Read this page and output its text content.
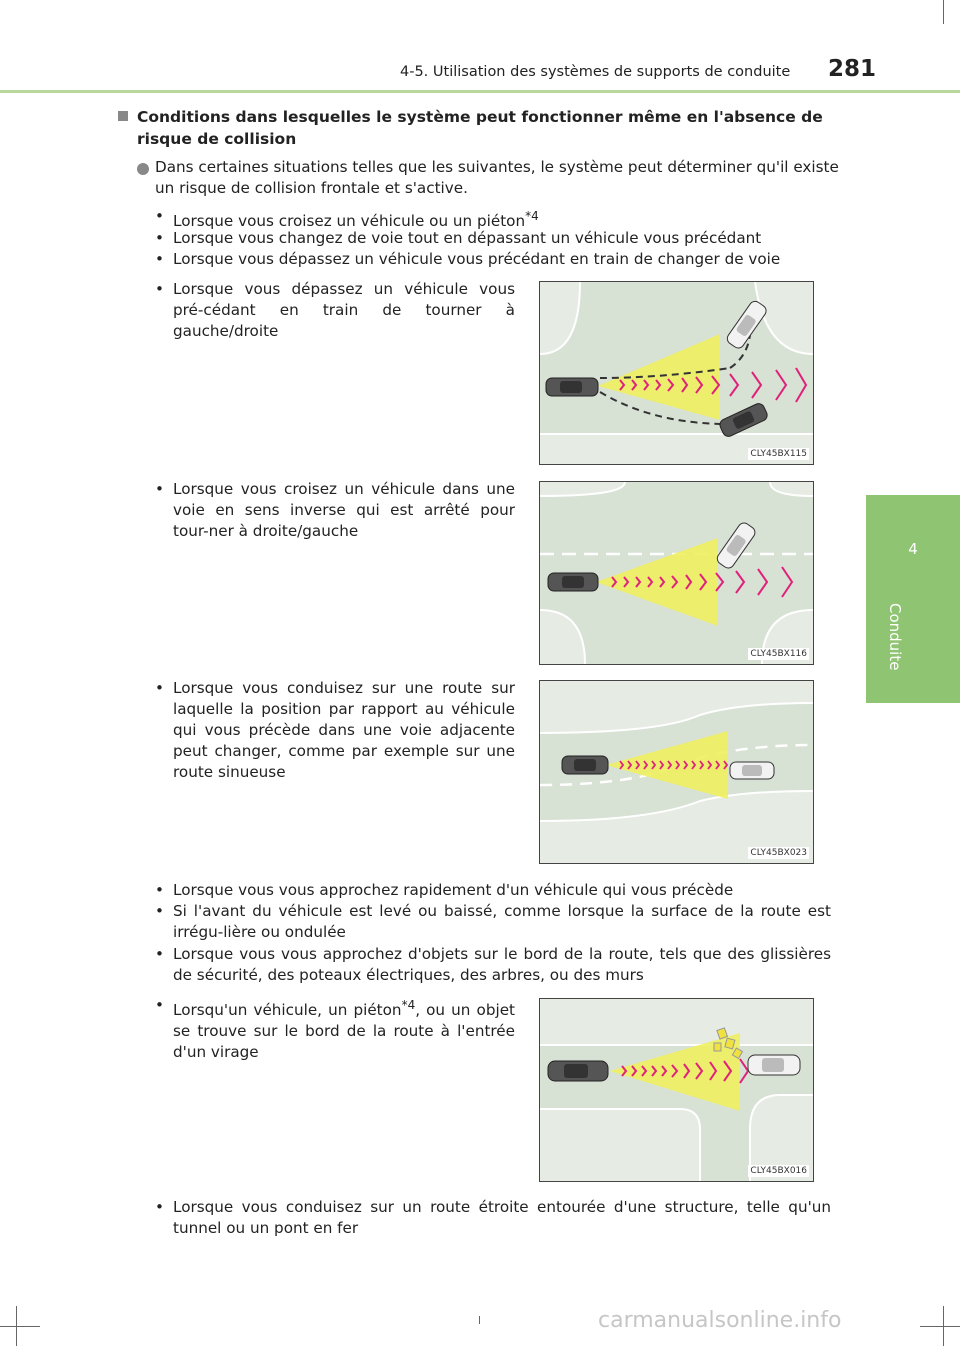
4-5. Utilisation des systèmes de supports de conduite 281
4
Conduite
Conditions dans lesquelles le système peut fonctionner même en l'absence de risque de collision
Dans certaines situations telles que les suivantes, le système peut déterminer qu'il existe un risque de collision frontale et s'active.
• Lorsque vous croisez un véhicule ou un piéton$^{*4}$
• Lorsque vous changez de voie tout en dépassant un véhicule vous précédant
• Lorsque vous dépassez un véhicule vous précédant en train de changer de voie
• Lorsque vous dépassez un véhicule vous pré-cédant en train de tourner à gauche/droite
CLY45BX115
• Lorsque vous croisez un véhicule dans une voie en sens inverse qui est arrêté pour tour-ner à droite/gauche
CLY45BX116
• Lorsque vous conduisez sur une route sur laquelle la position par rapport au véhicule qui vous précède dans une voie adjacente peut changer, comme par exemple sur une route sinueuse
CLY45BX023
• Lorsque vous vous approchez rapidement d'un véhicule qui vous précède
• Si l'avant du véhicule est levé ou baissé, comme lorsque la surface de la route est irrégu-lière ou ondulée
• Lorsque vous vous approchez d'objets sur le bord de la route, tels que des glissières de sécurité, des poteaux électriques, des arbres, ou des murs
• Lorsqu'un véhicule, un piéton$^{*4}$, ou un objet se trouve sur le bord de la route à l'entrée d'un virage
CLY45BX016
• Lorsque vous conduisez sur un route étroite entourée d'une structure, telle qu'un tunnel ou un pont en fer
carmanualsonline.info
